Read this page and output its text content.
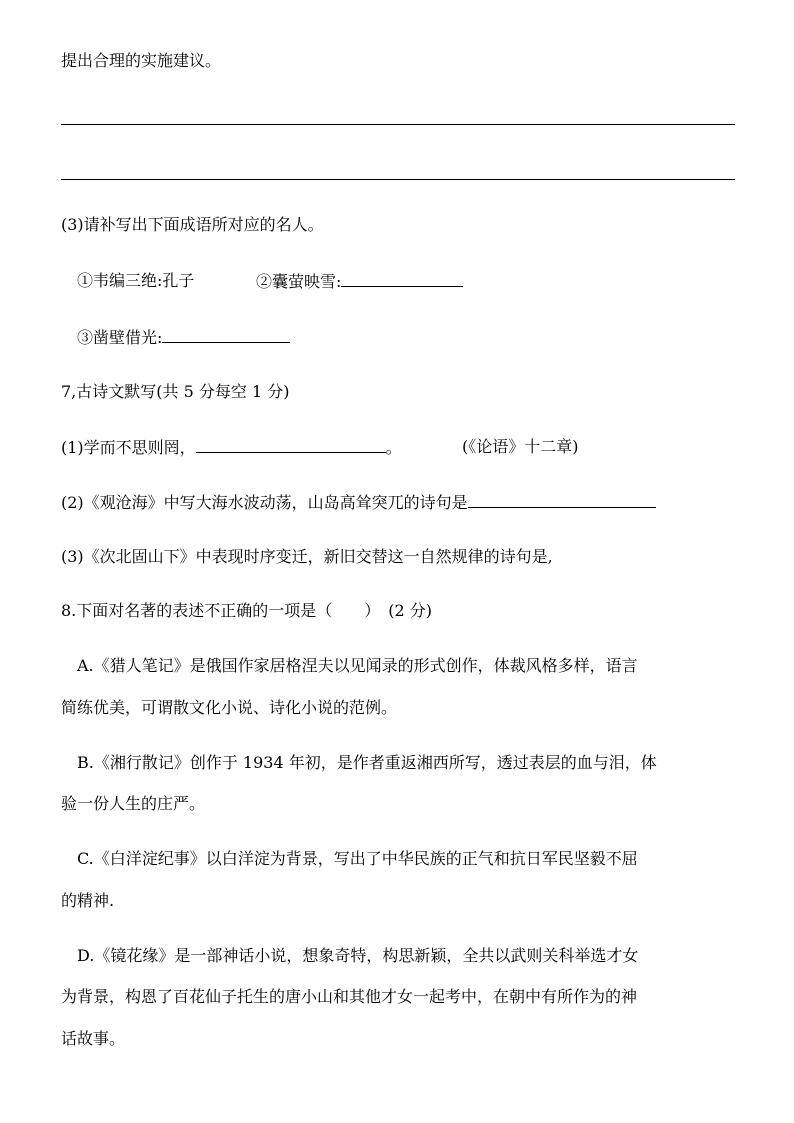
提出合理的实施建议。
(3)请补写出下面成语所对应的名人。
①韦编三绝:孔子	②囊萤映雪:
③凿壁借光:
7,古诗文默写(共 5 分每空 1 分)
(1)学而不思则罔，	。	(《论语》十二章)
(2)《观沧海》中写大海水波动荡，山岛高耸突兀的诗句是
(3)《次北固山下》中表现时序变迁，新旧交替这一自然规律的诗句是,
8.下面对名著的表述不正确的一项是（　　）　(2 分)
A.《猎人笔记》是俄国作家居格涅夫以见闻录的形式创作，体裁风格多样，语言
简练优美，可谓散文化小说、诗化小说的范例。
B.《湘行散记》创作于 1934 年初，是作者重返湘西所写，透过表层的血与泪，体
验一份人生的庄严。
C.《白洋淀纪事》以白洋淀为背景，写出了中华民族的正气和抗日军民坚毅不屈
的精神.
D.《镜花缘》是一部神话小说，想象奇特，构思新颖，全共以武则关科举选才女
为背景，构恩了百花仙子托生的唐小山和其他才女一起考中，在朝中有所作为的神
话故事。
